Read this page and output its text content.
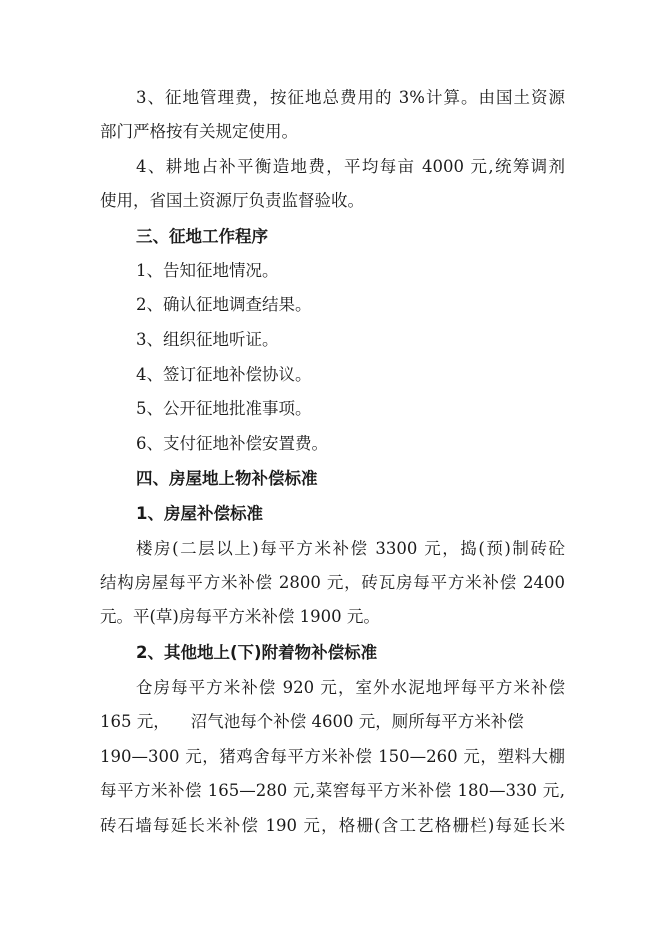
3、征地管理费，按征地总费用的 3%计算。由国土资源
部门严格按有关规定使用。
4、耕地占补平衡造地费，平均每亩 4000 元,统筹调剂
使用，省国土资源厅负责监督验收。
三、征地工作程序
1、告知征地情况。
2、确认征地调查结果。
3、组织征地听证。
4、签订征地补偿协议。
5、公开征地批准事项。
6、支付征地补偿安置费。
四、房屋地上物补偿标准
1、房屋补偿标准
楼房(二层以上)每平方米补偿 3300 元，捣(预)制砖砼
结构房屋每平方米补偿 2800 元，砖瓦房每平方米补偿 2400
元。平(草)房每平方米补偿 1900 元。
2、其他地上(下)附着物补偿标准
仓房每平方米补偿 920 元，室外水泥地坪每平方米补偿
165 元，    沼气池每个补偿 4600 元，厕所每平方米补偿
190—300 元，猪鸡舍每平方米补偿 150—260 元，塑料大棚
每平方米补偿 165—280 元,菜窖每平方米补偿 180—330 元,
砖石墙每延长米补偿 190 元，格栅(含工艺格栅栏)每延长米
